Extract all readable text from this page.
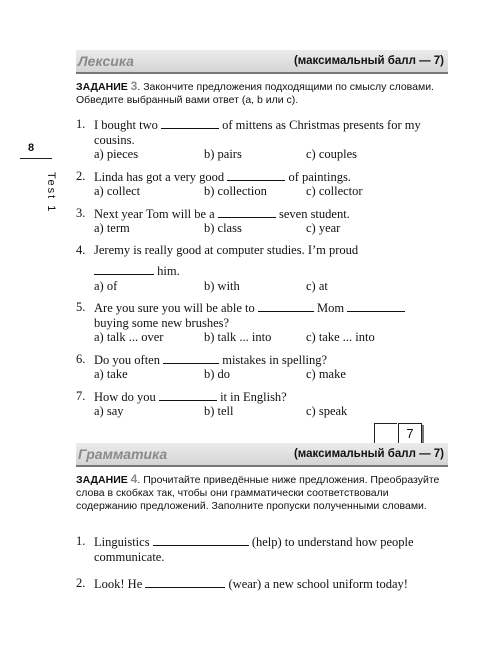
8
Test 1
Лексика	(максимальный балл — 7)
ЗАДАНИЕ 3. Закончите предложения подходящими по смыслу словами. Обведите выбранный вами ответ (a, b или c).
1. I bought two	of mittens as Christmas presents for my cousins.
a) pieces	b) pairs	c) couples
2. Linda has got a very good	of paintings.
a) collect	b) collection	c) collector
3. Next year Tom will be a	seven student.
a) term	b) class	c) year
4. Jeremy is really good at computer studies. I’m proud
him.
a) of	b) with	c) at
5. Are you sure you will be able to	Mom
buying some new brushes?
a) talk ... over	b) talk ... into	c) take ... into
6. Do you often	mistakes in spelling?
a) take	b) do	c) make
7. How do you	it in English?
a) say	b) tell	c) speak
7
Грамматика	(максимальный балл — 7)
ЗАДАНИЕ 4. Прочитайте приведённые ниже предложения. Преобразуйте слова в скобках так, чтобы они грамматически соответствовали содержанию предложений. Заполните пропуски полученными словами.
1. Linguistics	(help) to understand how people communicate.
2. Look! He	(wear) a new school uniform today!
